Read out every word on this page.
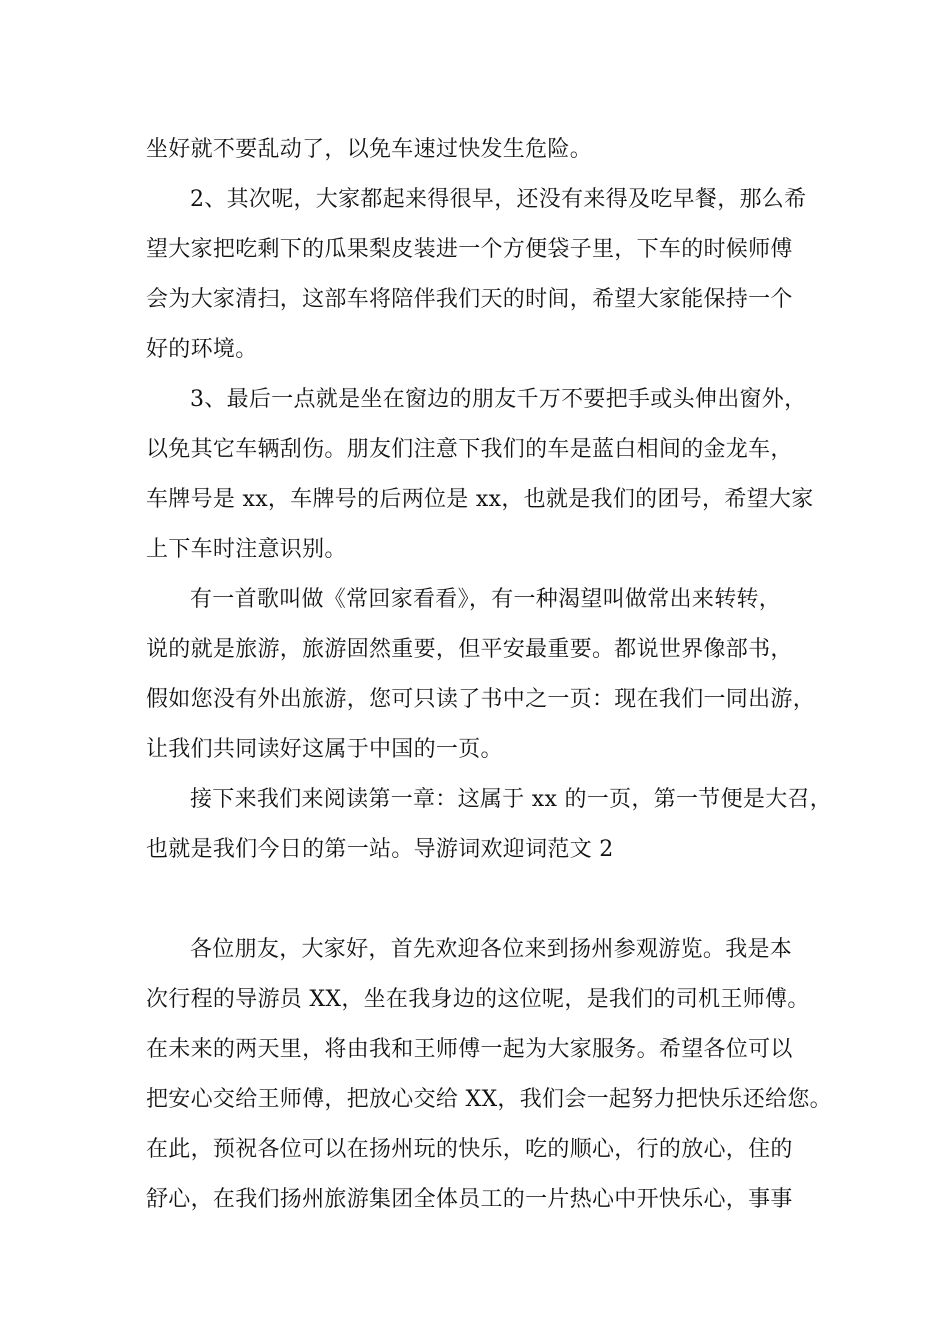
坐好就不要乱动了，以免车速过快发生危险。
2、其次呢，大家都起来得很早，还没有来得及吃早餐，那么希
望大家把吃剩下的瓜果梨皮装进一个方便袋子里，下车的时候师傅
会为大家清扫，这部车将陪伴我们天的时间，希望大家能保持一个
好的环境。
3、最后一点就是坐在窗边的朋友千万不要把手或头伸出窗外，
以免其它车辆刮伤。朋友们注意下我们的车是蓝白相间的金龙车，
车牌号是 xx，车牌号的后两位是 xx，也就是我们的团号，希望大家
上下车时注意识别。
有一首歌叫做《常回家看看》，有一种渴望叫做常出来转转，
说的就是旅游，旅游固然重要，但平安最重要。都说世界像部书，
假如您没有外出旅游，您可只读了书中之一页：现在我们一同出游，
让我们共同读好这属于中国的一页。
接下来我们来阅读第一章：这属于 xx 的一页，第一节便是大召，
也就是我们今日的第一站。导游词欢迎词范文 2
各位朋友，大家好，首先欢迎各位来到扬州参观游览。我是本
次行程的导游员 XX，坐在我身边的这位呢，是我们的司机王师傅。
在未来的两天里，将由我和王师傅一起为大家服务。希望各位可以
把安心交给王师傅，把放心交给 XX，我们会一起努力把快乐还给您。
在此，预祝各位可以在扬州玩的快乐，吃的顺心，行的放心，住的
舒心，在我们扬州旅游集团全体员工的一片热心中开快乐心，事事
